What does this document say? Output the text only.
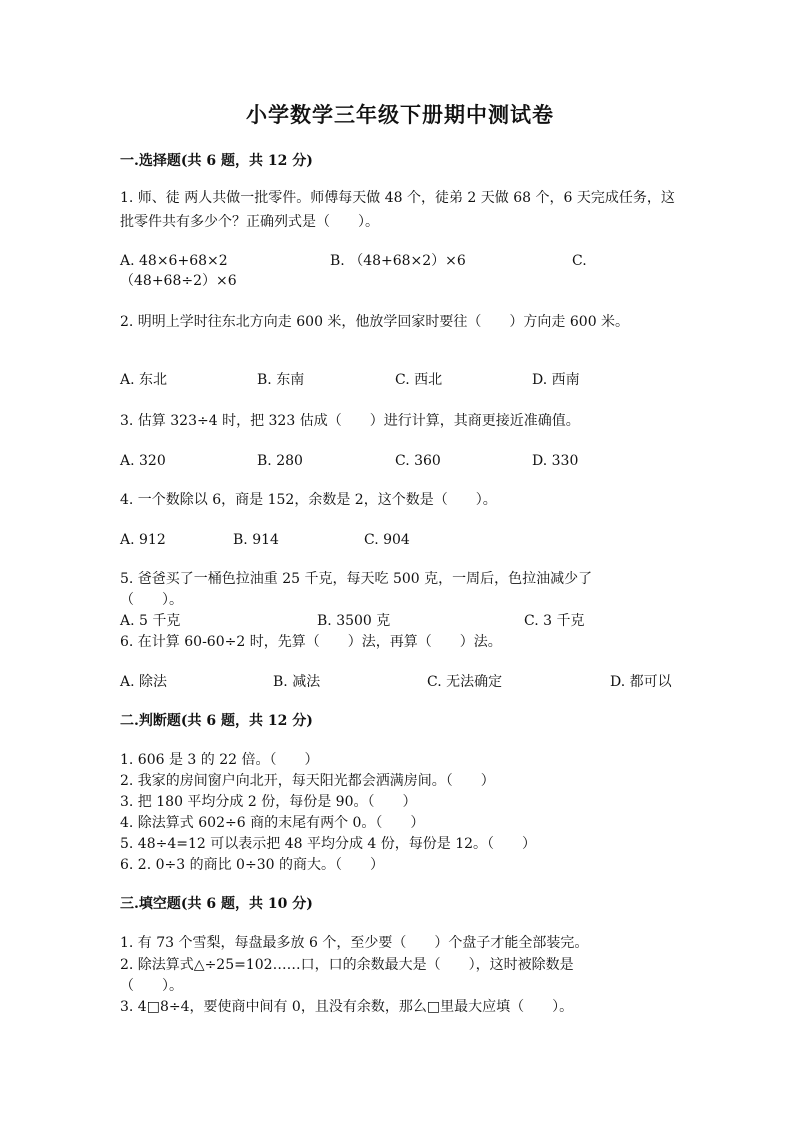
小学数学三年级下册期中测试卷
一.选择题(共 6 题，共 12 分)
1. 师、徒 两人共做一批零件。师傅每天做 48 个，徒弟 2 天做 68 个，6 天完成任务，这批零件共有多少个？正确列式是（　　）。
A. 48×6+68×2	B. （48+68×2）×6	C.
（48+68÷2）×6
2. 明明上学时往东北方向走 600 米，他放学回家时要往（　　）方向走 600 米。
A. 东北	B. 东南	C. 西北	D. 西南
3. 估算 323÷4 时，把 323 估成（　　）进行计算，其商更接近准确值。
A. 320	B. 280	C. 360	D. 330
4. 一个数除以 6，商是 152，余数是 2，这个数是（　　）。
A. 912	B. 914	C. 904
5. 爸爸买了一桶色拉油重 25 千克，每天吃 500 克，一周后，色拉油减少了
（　　）。
A. 5 千克	B. 3500 克	C. 3 千克
6. 在计算 60-60÷2 时，先算（　　）法，再算（　　）法。
A. 除法	B. 减法	C. 无法确定	D. 都可以
二.判断题(共 6 题，共 12 分)
1. 606 是 3 的 22 倍。（　　）
2. 我家的房间窗户向北开，每天阳光都会洒满房间。（　　）
3. 把 180 平均分成 2 份，每份是 90。（　　）
4. 除法算式 602÷6 商的末尾有两个 0。（　　）
5. 48÷4=12 可以表示把 48 平均分成 4 份，每份是 12。（　　）
6. 2. 0÷3 的商比 0÷30 的商大。（　　）
三.填空题(共 6 题，共 10 分)
1. 有 73 个雪梨，每盘最多放 6 个，至少要（　　）个盘子才能全部装完。
2. 除法算式△÷25=102……口，口的余数最大是（　　），这时被除数是
（　　）。
3. 4□8÷4，要使商中间有 0，且没有余数，那么□里最大应填（　　）。
